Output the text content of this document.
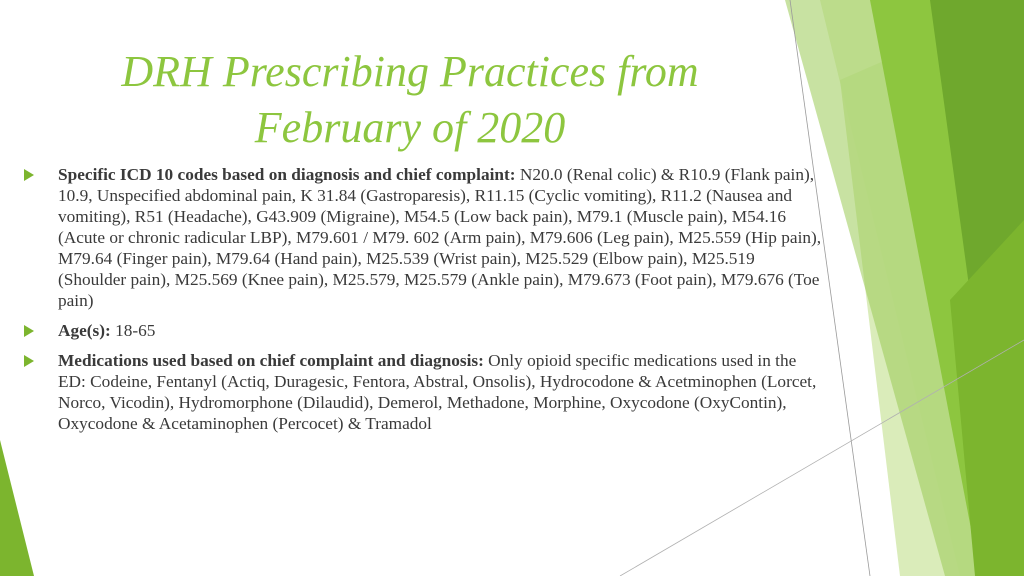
DRH Prescribing Practices from
February of 2020
Specific ICD 10 codes based on diagnosis and chief complaint: N20.0 (Renal colic) & R10.9 (Flank pain), 10.9, Unspecified abdominal pain, K 31.84 (Gastroparesis), R11.15 (Cyclic vomiting), R11.2 (Nausea and vomiting), R51 (Headache), G43.909 (Migraine), M54.5 (Low back pain), M79.1 (Muscle pain), M54.16 (Acute or chronic radicular LBP), M79.601 / M79. 602 (Arm pain), M79.606 (Leg pain), M25.559 (Hip pain), M79.64 (Finger pain), M79.64 (Hand pain), M25.539 (Wrist pain), M25.529 (Elbow pain), M25.519 (Shoulder pain), M25.569 (Knee pain), M25.579, M25.579 (Ankle pain), M79.673 (Foot pain), M79.676 (Toe pain)
Age(s): 18-65
Medications used based on chief complaint and diagnosis: Only opioid specific medications used in the ED: Codeine, Fentanyl (Actiq, Duragesic, Fentora, Abstral, Onsolis), Hydrocodone & Acetminophen (Lorcet, Norco, Vicodin), Hydromorphone (Dilaudid), Demerol, Methadone, Morphine, Oxycodone (OxyContin), Oxycodone & Acetaminophen (Percocet) & Tramadol
